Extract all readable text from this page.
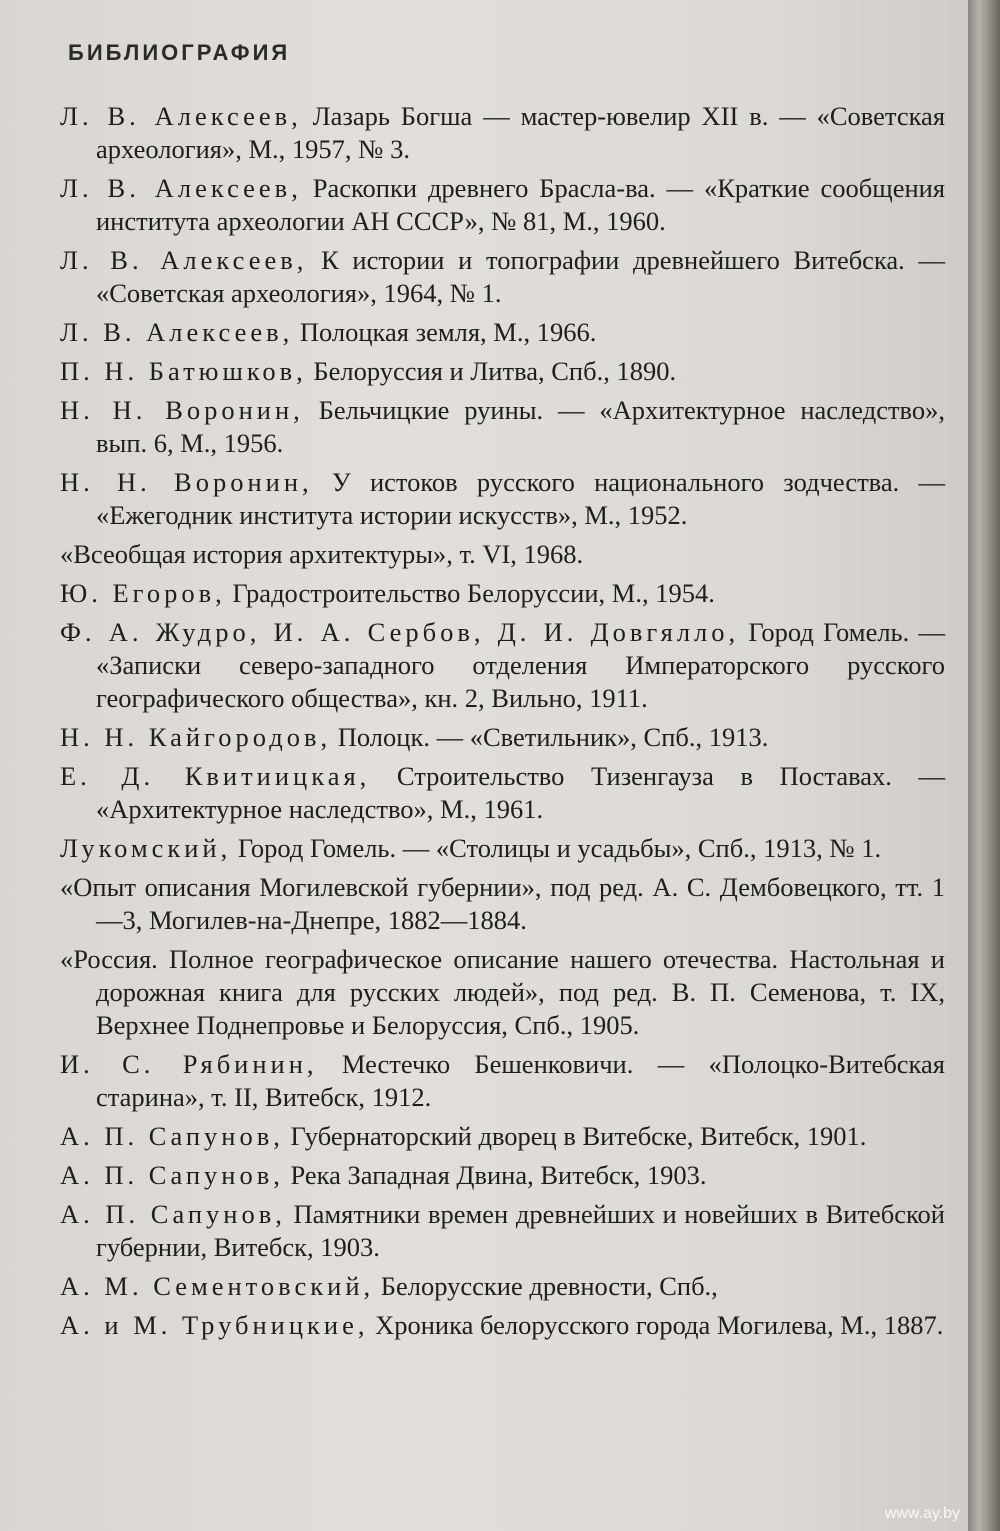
БИБЛИОГРАФИЯ

Л. В. Алексеев, Лазарь Богша — мастер-ювелир XII в. — «Советская археология», М., 1957, № 3.

Л. В. Алексеев, Раскопки древнего Брасла-ва. — «Краткие сообщения института археологии АН СССР», № 81, М., 1960.

Л. В. Алексеев, К истории и топографии древнейшего Витебска. — «Советская археология», 1964, № 1.

Л. В. Алексеев, Полоцкая земля, М., 1966.

П. Н. Батюшков, Белоруссия и Литва, Спб., 1890.

Н. Н. Воронин, Бельчицкие руины. — «Архитектурное наследство», вып. 6, М., 1956.

Н. Н. Воронин, У истоков русского национального зодчества. — «Ежегодник института истории искусств», М., 1952.

«Всеобщая история архитектуры», т. VI, 1968.

Ю. Егоров, Градостроительство Белоруссии, М., 1954.

Ф. А. Жудро, И. А. Сербов, Д. И. Довгялло, Город Гомель. — «Записки северо-западного отделения Императорского русского географического общества», кн. 2, Вильно, 1911.

Н. Н. Кайгородов, Полоцк. — «Светильник», Спб., 1913.

Е. Д. Квитиицкая, Строительство Тизенгауза в Поставах. — «Архитектурное наследство», М., 1961.

Лукомский, Город Гомель. — «Столицы и усадьбы», Спб., 1913, № 1.

«Опыт описания Могилевской губернии», под ред. А. С. Дембовецкого, тт. 1—3, Могилев-на-Днепре, 1882—1884.

«Россия. Полное географическое описание нашего отечества. Настольная и дорожная книга для русских людей», под ред. В. П. Семенова, т. IX, Верхнее Поднепровье и Белоруссия, Спб., 1905.

И. С. Рябинин, Местечко Бешенковичи. — «Полоцко-Витебская старина», т. II, Витебск, 1912.

А. П. Сапунов, Губернаторский дворец в Витебске, Витебск, 1901.

А. П. Сапунов, Река Западная Двина, Витебск, 1903.

А. П. Сапунов, Памятники времен древнейших и новейших в Витебской губернии, Витебск, 1903.

А. М. Сементовский, Белорусские древности, Спб.,

А. и М. Трубницкие, Хроника белорусского города Могилева, М., 1887.

www.ay.by
